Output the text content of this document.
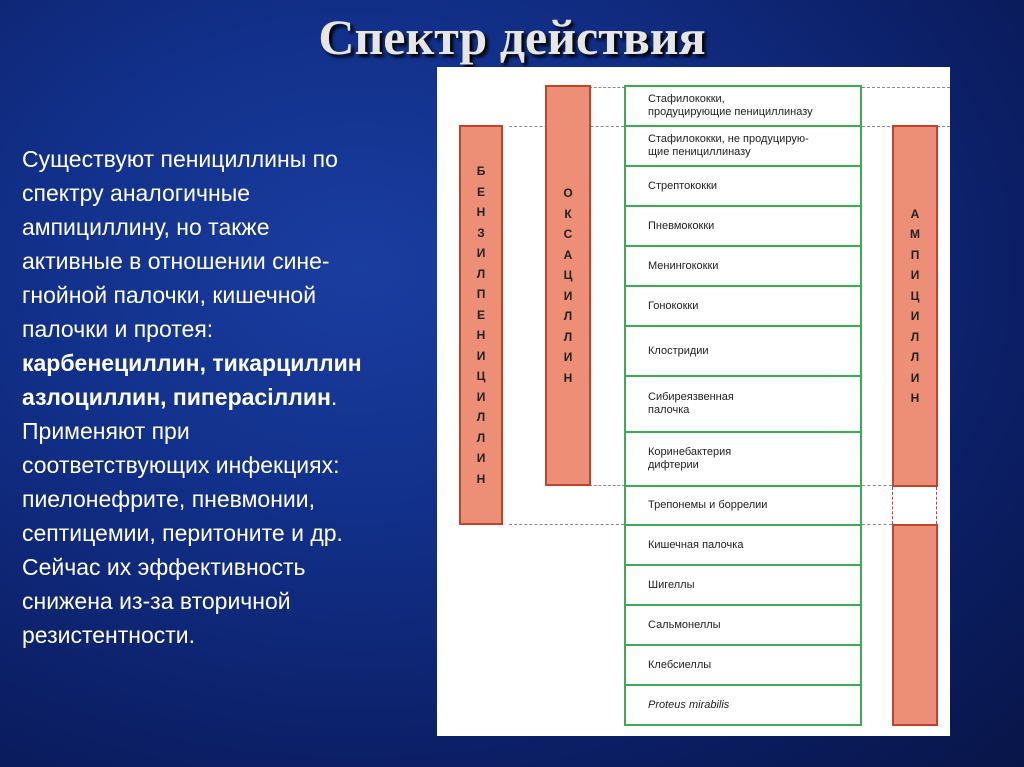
Спектр действия
Существуют пенициллины по
спектру аналогичные
ампициллину, но также
активные в отношении сине-
гнойной палочки, кишечной
палочки и протея:
карбенециллин, тикарциллин
азлоциллин, пипераciллин.
Применяют при
соответствующих инфекциях:
пиелонефрите, пневмонии,
септицемии, перитоните и др.
Сейчас их эффективность
снижена из-за вторичной
резистентности.
Б
Е
Н
З
И
Л
П
Е
Н
И
Ц
И
Л
Л
И
Н
О
К
С
А
Ц
И
Л
Л
И
Н
А
М
П
И
Ц
И
Л
Л
И
Н
Стафилококки,
продуцирующие пенициллиназу
Стафилококки, не продуцирую-
щие пенициллиназу
Стрептококки
Пневмококки
Менингококки
Гонококки
Клостридии
Сибиреязвенная
палочка
Коринебактерия
дифтерии
Трепонемы и боррелии
Кишечная палочка
Шигеллы
Сальмонеллы
Клебсиеллы
Proteus mirabilis
